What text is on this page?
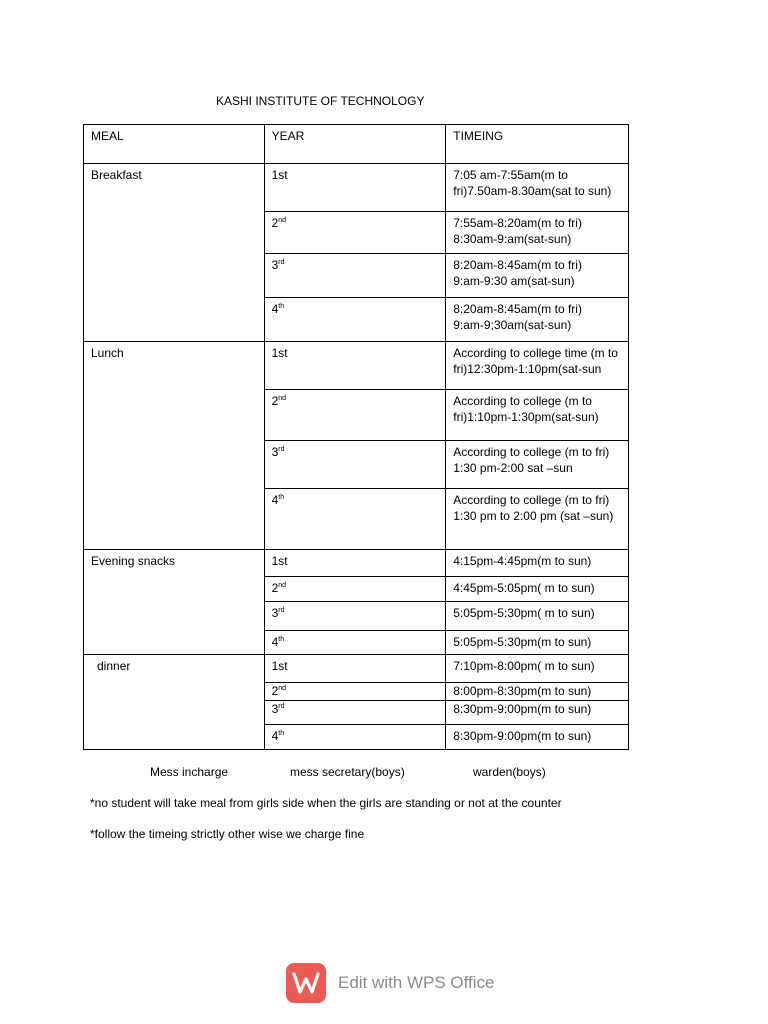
KASHI INSTITUTE OF TECHNOLOGY
MEAL	YEAR	TIMEING
Breakfast	1st	7:05 am-7:55am(m to fri)7.50am-8.30am(sat to sun)
	2nd	7:55am-8:20am(m to fri)
8:30am-9:am(sat-sun)
	3rd	8:20am-8:45am(m to fri)
9:am-9:30 am(sat-sun)
	4th	8:20am-8:45am(m to fri)
9:am-9;30am(sat-sun)
Lunch	1st	According to college time (m to fri)12:30pm-1:10pm(sat-sun
	2nd	According to college (m to fri)1:10pm-1:30pm(sat-sun)
	3rd	According to college (m to fri)
1:30 pm-2:00 sat –sun
	4th	According to college (m to fri)
1:30 pm to 2:00 pm (sat –sun)
Evening snacks	1st	4:15pm-4:45pm(m to sun)
	2nd	4:45pm-5:05pm( m to sun)
	3rd	5:05pm-5:30pm( m to sun)
	4th	5:05pm-5:30pm(m to sun)
dinner	1st	7:10pm-8:00pm( m to sun)
	2nd	8:00pm-8:30pm(m to sun)
	3rd	8:30pm-9:00pm(m to sun)
	4th	8:30pm-9:00pm(m to sun)
Mess incharge	mess secretary(boys)	warden(boys)
*no student will take meal from girls side when the girls are standing or not at the counter
*follow the timeing strictly other wise we charge fine
Edit with WPS Office
